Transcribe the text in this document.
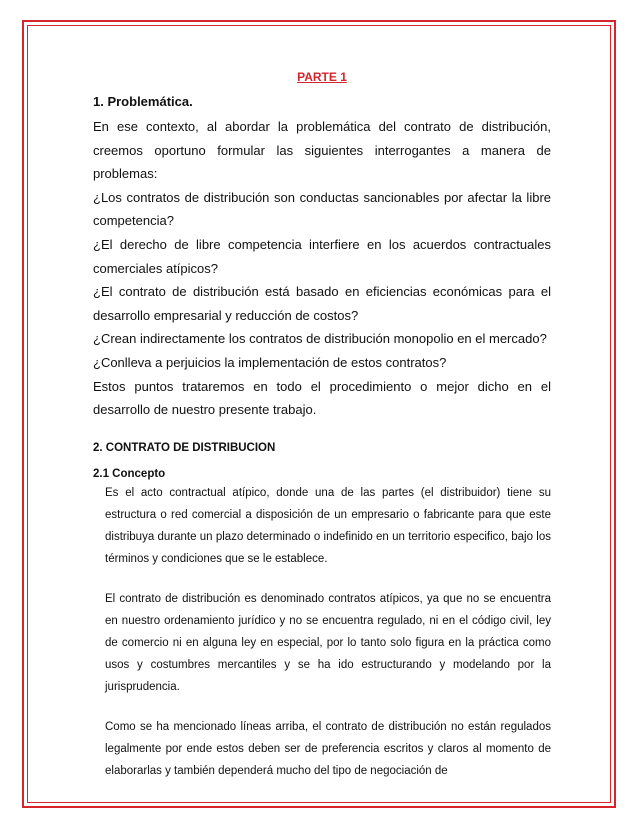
PARTE 1

1. Problemática.

En ese contexto, al abordar la problemática del contrato de distribución, creemos oportuno formular las siguientes interrogantes a manera de problemas:

¿Los contratos de distribución son conductas sancionables por afectar la libre competencia?

¿El derecho de libre competencia interfiere en los acuerdos contractuales comerciales atípicos?

¿El contrato de distribución está basado en eficiencias económicas para el desarrollo empresarial y reducción de costos?

¿Crean indirectamente los contratos de distribución monopolio en el mercado?

¿Conlleva a perjuicios la implementación de estos contratos?

Estos puntos trataremos en todo el procedimiento o mejor dicho en el desarrollo de nuestro presente trabajo.

2. CONTRATO DE DISTRIBUCION

2.1 Concepto

Es el acto contractual atípico, donde una de las partes (el distribuidor) tiene su estructura o red comercial a disposición de un empresario o fabricante para que este distribuya durante un plazo determinado o indefinido en un territorio especifico, bajo los términos y condiciones que se le establece.

El contrato de distribución es denominado contratos atípicos, ya que no se encuentra en nuestro ordenamiento jurídico y no se encuentra regulado, ni en el código civil, ley de comercio ni en alguna ley en especial, por lo tanto solo figura en la práctica como usos y costumbres mercantiles y se ha ido estructurando y modelando por la jurisprudencia.

Como se ha mencionado líneas arriba, el contrato de distribución no están regulados legalmente por ende estos deben ser de preferencia escritos y claros al momento de elaborarlas y también dependerá mucho del tipo de negociación de
